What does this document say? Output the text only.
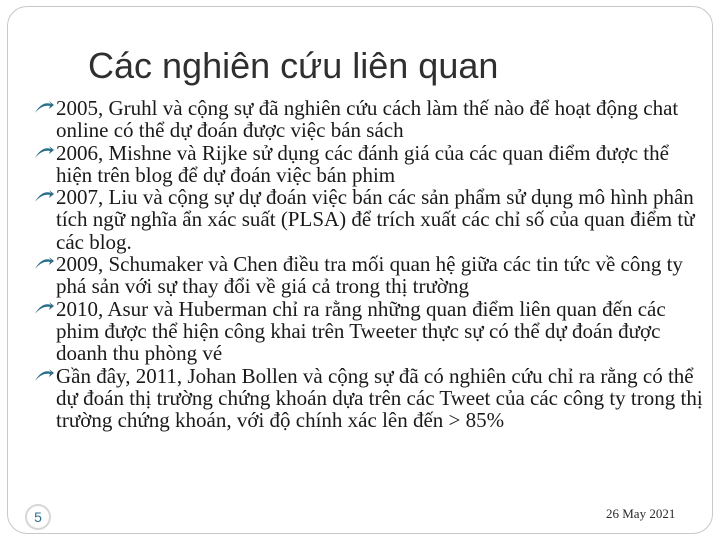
Các nghiên cứu liên quan
2005, Gruhl và cộng sự đã nghiên cứu cách làm thế nào để hoạt động chat online có thể dự đoán được việc bán sách
2006, Mishne và Rijke sử dụng các đánh giá của các quan điểm được thể hiện trên blog để dự đoán việc bán phim
2007, Liu và cộng sự dự đoán việc bán các sản phẩm sử dụng mô hình phân tích ngữ nghĩa ẩn xác suất (PLSA) để trích xuất các chỉ số của quan điểm từ các blog.
2009, Schumaker và Chen điều tra mối quan hệ giữa các tin tức về công ty phá sản với sự thay đổi về giá cả trong thị trường
2010, Asur và Huberman chỉ ra rằng những quan điểm liên quan đến các phim được thể hiện công khai trên Tweeter thực sự có thể dự đoán được doanh thu phòng vé
Gần đây, 2011, Johan Bollen và cộng sự đã có nghiên cứu chỉ ra rằng có thể dự đoán thị trường chứng khoán dựa trên các Tweet của các công ty trong thị trường chứng khoán, với độ chính xác lên đến > 85%
5	26 May 2021
